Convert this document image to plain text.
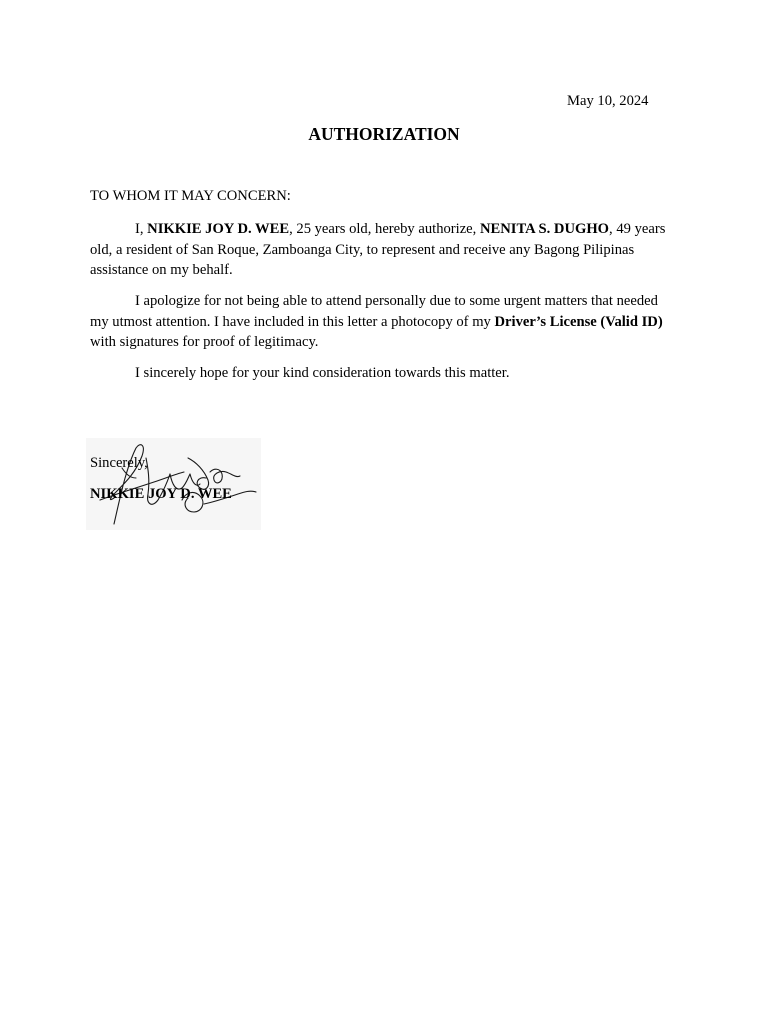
May 10, 2024
AUTHORIZATION
TO WHOM IT MAY CONCERN:

I, NIKKIE JOY D. WEE, 25 years old, hereby authorize, NENITA S. DUGHO, 49 years old, a resident of San Roque, Zamboanga City, to represent and receive any Bagong Pilipinas assistance on my behalf.

I apologize for not being able to attend personally due to some urgent matters that needed my utmost attention. I have included in this letter a photocopy of my Driver’s License (Valid ID) with signatures for proof of legitimacy.

I sincerely hope for your kind consideration towards this matter.

Sincerely,
NIKKIE JOY D. WEE
